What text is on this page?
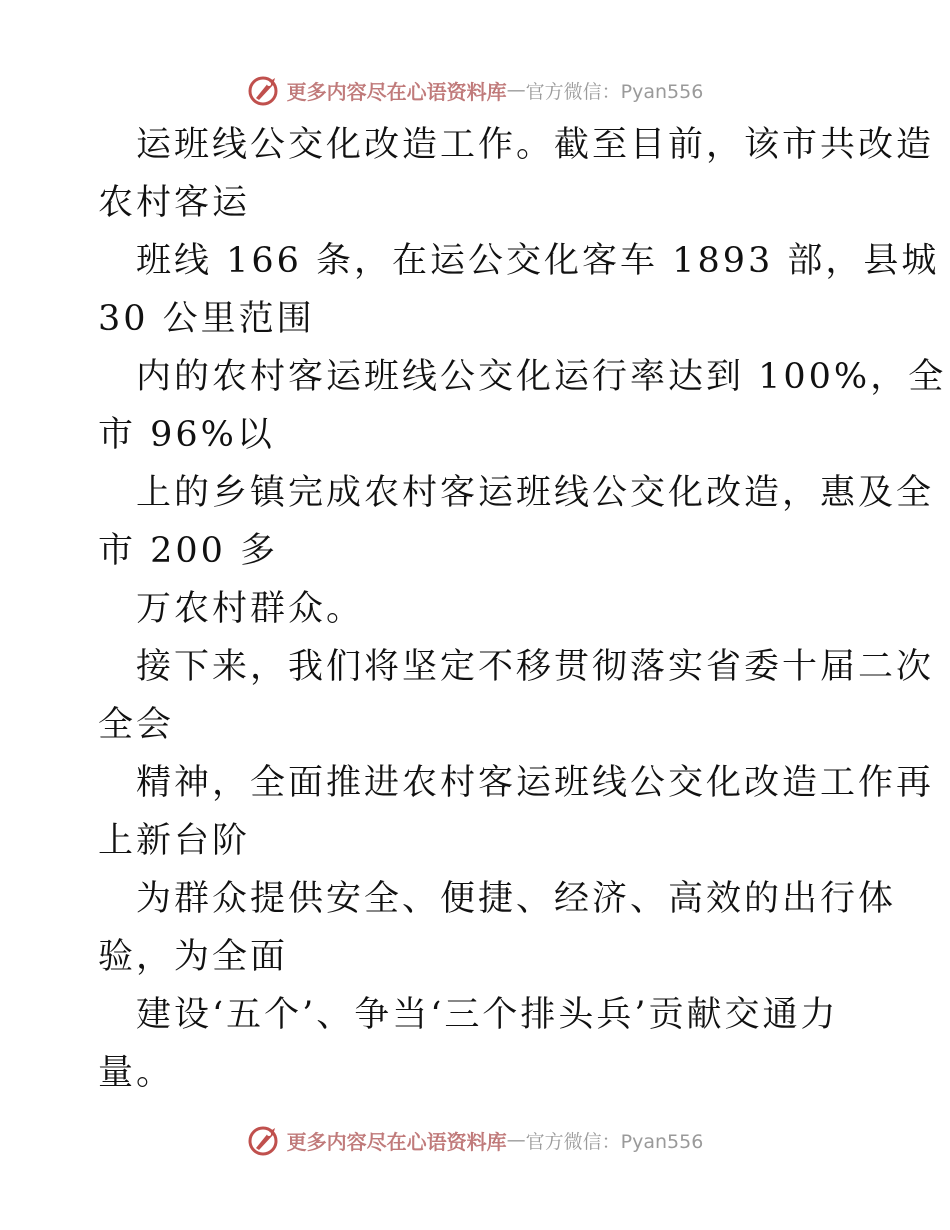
更多内容尽在心语资料库 — 官方微信：Pyan556
运班线公交化改造工作。截至目前，该市共改造
农村客运
班线 166 条，在运公交化客车 1893 部，县城
30 公里范围
内的农村客运班线公交化运行率达到 100%，全
市 96%以
上的乡镇完成农村客运班线公交化改造，惠及全
市 200 多
万农村群众。
接下来，我们将坚定不移贯彻落实省委十届二次
全会
精神，全面推进农村客运班线公交化改造工作再
上新台阶
为群众提供安全、便捷、经济、高效的出行体
验，为全面
建设‘五个’、争当‘三个排头兵’贡献交通力
量。
更多内容尽在心语资料库 — 官方微信：Pyan556
